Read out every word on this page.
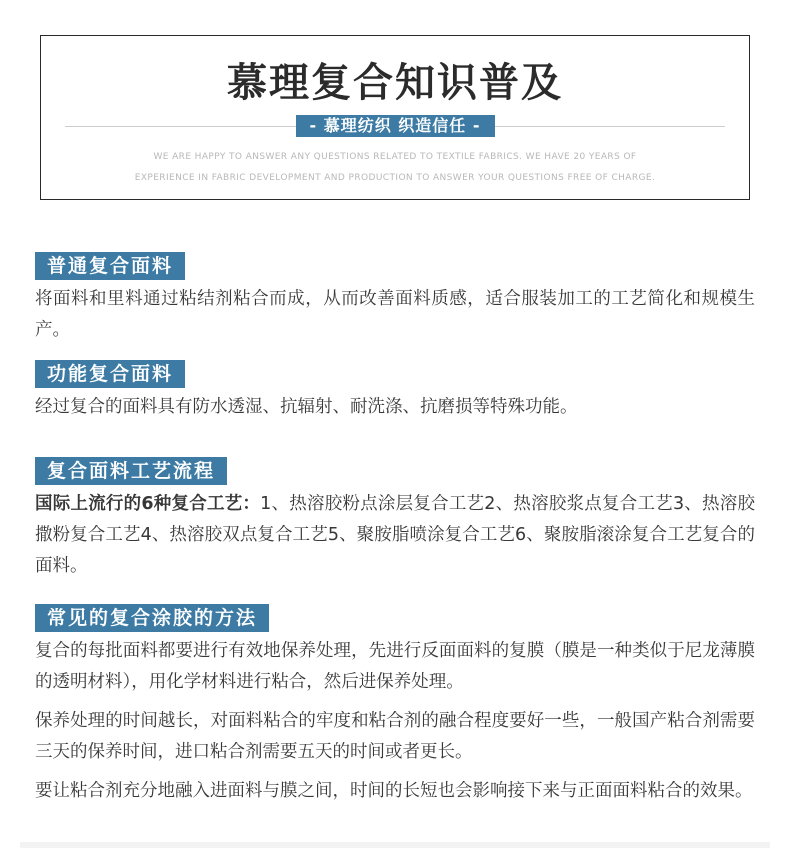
慕理复合知识普及
- 慕理纺织 织造信任 -
WE ARE HAPPY TO ANSWER ANY QUESTIONS RELATED TO TEXTILE FABRICS. WE HAVE 20 YEARS OF
EXPERIENCE IN FABRIC DEVELOPMENT AND PRODUCTION TO ANSWER YOUR QUESTIONS FREE OF CHARGE.
普通复合面料

将面料和里料通过粘结剂粘合而成，从而改善面料质感，适合服装加工的工艺简化和规模生产。

功能复合面料

经过复合的面料具有防水透湿、抗辐射、耐洗涤、抗磨损等特殊功能。

复合面料工艺流程

国际上流行的6种复合工艺：1、热溶胶粉点涂层复合工艺2、热溶胶浆点复合工艺3、热溶胶撒粉复合工艺4、热溶胶双点复合工艺5、聚胺脂喷涂复合工艺6、聚胺脂滚涂复合工艺复合的面料。

常见的复合涂胶的方法

复合的每批面料都要进行有效地保养处理，先进行反面面料的复膜（膜是一种类似于尼龙薄膜的透明材料），用化学材料进行粘合，然后进保养处理。

保养处理的时间越长，对面料粘合的牢度和粘合剂的融合程度要好一些，一般国产粘合剂需要三天的保养时间，进口粘合剂需要五天的时间或者更长。

要让粘合剂充分地融入进面料与膜之间，时间的长短也会影响接下来与正面面料粘合的效果。
